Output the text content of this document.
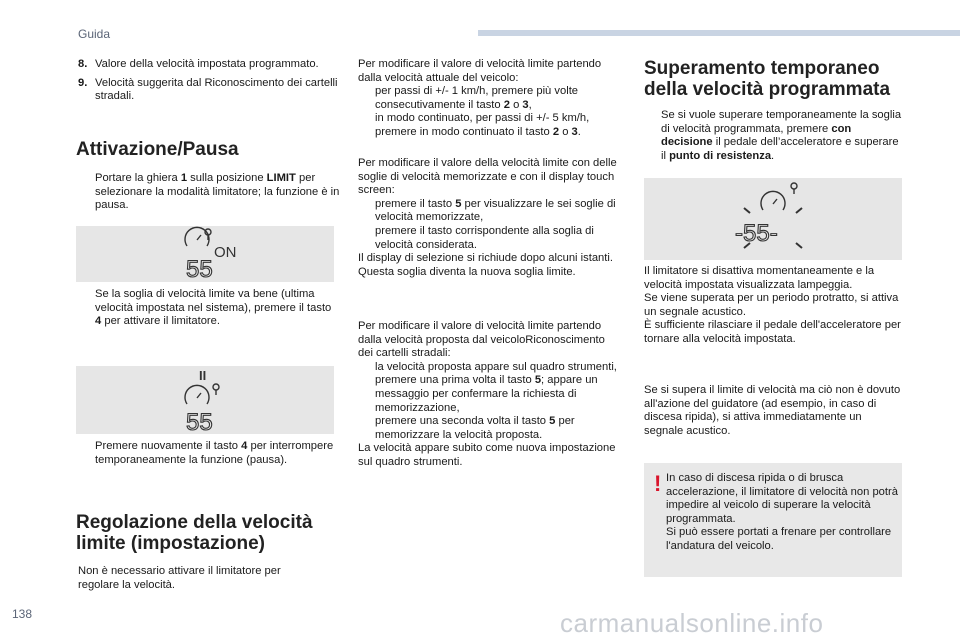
Guida
8. Valore della velocità impostata programmato.
9. Velocità suggerita dal Riconoscimento dei cartelli stradali.
Attivazione/Pausa
Portare la ghiera 1 sulla posizione LIMIT per selezionare la modalità limitatore; la funzione è in pausa.
ON
55
Se la soglia di velocità limite va bene (ultima velocità impostata nel sistema), premere il tasto 4 per attivare il limitatore.
II
55
Premere nuovamente il tasto 4 per interrompere temporaneamente la funzione (pausa).
Regolazione della velocità limite (impostazione)

Non è necessario attivare il limitatore per regolare la velocità.

Per modificare il valore di velocità limite partendo dalla velocità attuale del veicolo:

per passi di +/- 1 km/h, premere più volte consecutivamente il tasto 2 o 3,
in modo continuato, per passi di +/- 5 km/h, premere in modo continuato il tasto 2 o 3.

Per modificare il valore della velocità limite con delle soglie di velocità memorizzate e con il display touch screen:

premere il tasto 5 per visualizzare le sei soglie di velocità memorizzate,
premere il tasto corrispondente alla soglia di velocità considerata.

Il display di selezione si richiude dopo alcuni istanti.

Questa soglia diventa la nuova soglia limite.

Per modificare il valore di velocità limite partendo dalla velocità proposta dal veicoloRiconoscimento dei cartelli stradali:

la velocità proposta appare sul quadro strumenti,
premere una prima volta il tasto 5; appare un messaggio per confermare la richiesta di memorizzazione,
premere una seconda volta il tasto 5 per memorizzare la velocità proposta.

La velocità appare subito come nuova impostazione sul quadro strumenti.

Superamento temporaneo della velocità programmata
Se si vuole superare temporaneamente la soglia di velocità programmata, premere con decisione il pedale dell’acceleratore e superare il punto di resistenza.
-55-

Il limitatore si disattiva momentaneamente e la velocità impostata visualizzata lampeggia.

Se viene superata per un periodo protratto, si attiva un segnale acustico.

È sufficiente rilasciare il pedale dell'acceleratore per tornare alla velocità impostata.

Se si supera il limite di velocità ma ciò non è dovuto all'azione del guidatore (ad esempio, in caso di discesa ripida), si attiva immediatamente un segnale acustico.

! In caso di discesa ripida o di brusca accelerazione, il limitatore di velocità non potrà impedire al veicolo di superare la velocità programmata.

Si può essere portati a frenare per controllare l'andatura del veicolo.

138	carmanualsonline.info
